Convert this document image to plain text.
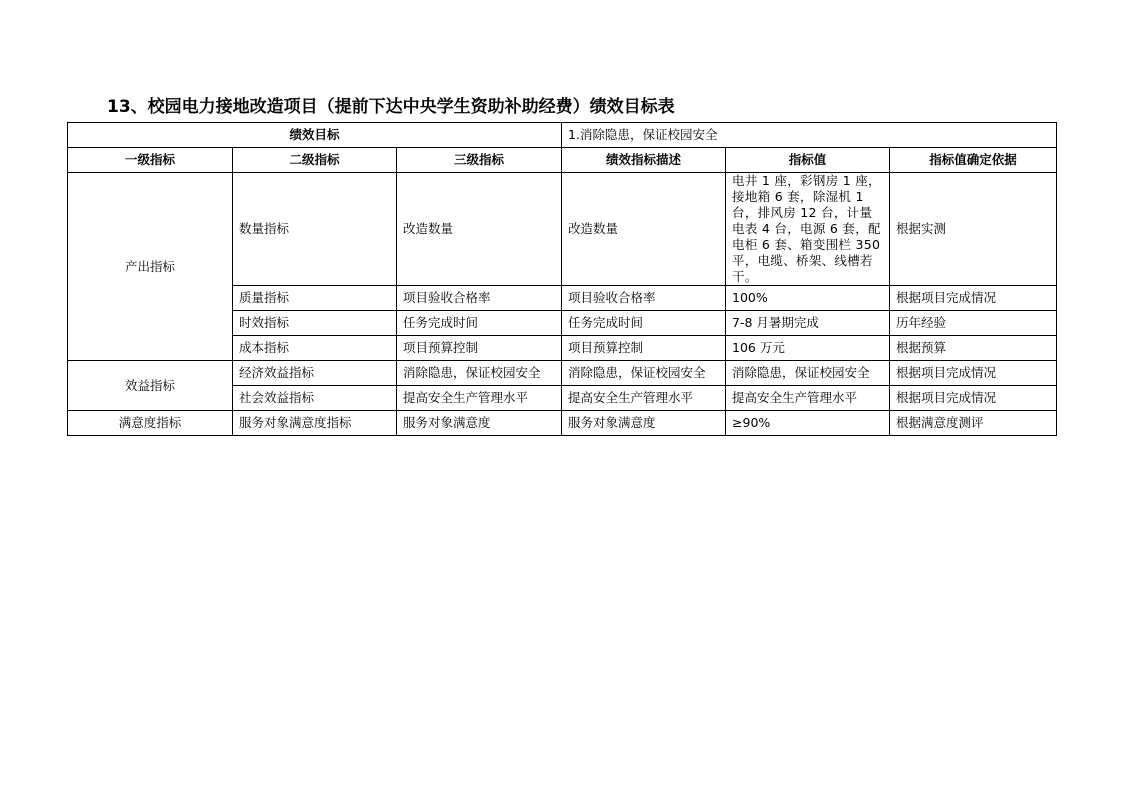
13、校园电力接地改造项目（提前下达中央学生资助补助经费）绩效目标表
绩效目标			1.消除隐患，保证校园安全		
一级指标	二级指标	三级指标	绩效指标描述	指标值	指标值确定依据
产出指标	数量指标	改造数量	改造数量	电井 1 座，彩钢房 1 座，接地箱 6 套，除湿机 1 台，排风房 12 台，计量电表 4 台，电源 6 套，配电柜 6 套、箱变围栏 350 平，电缆、桥架、线槽若干。	根据实测
	质量指标	项目验收合格率	项目验收合格率	100%	根据项目完成情况
	时效指标	任务完成时间	任务完成时间	7-8 月暑期完成	历年经验
	成本指标	项目预算控制	项目预算控制	106 万元	根据预算
效益指标	经济效益指标	消除隐患，保证校园安全	消除隐患，保证校园安全	消除隐患，保证校园安全	根据项目完成情况
	社会效益指标	提高安全生产管理水平	提高安全生产管理水平	提高安全生产管理水平	根据项目完成情况
满意度指标	服务对象满意度指标	服务对象满意度	服务对象满意度	≥90%	根据满意度测评
